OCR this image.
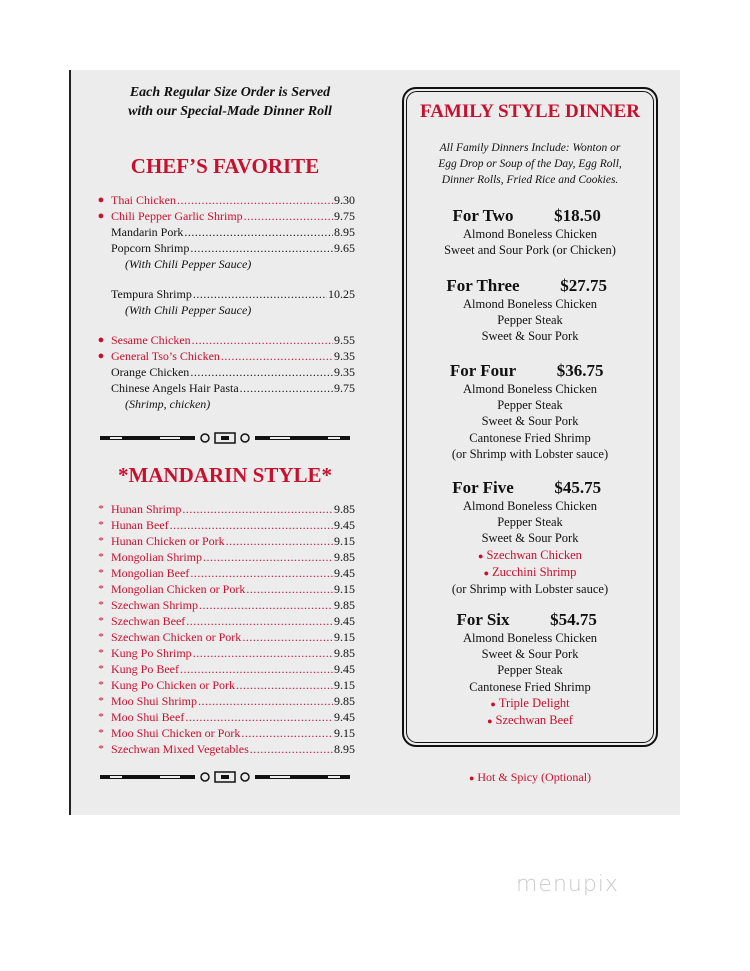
Each Regular Size Order is Served
with our Special-Made Dinner Roll
CHEF’S FAVORITE
● Thai Chicken .....	9.30
● Chili Pepper Garlic Shrimp .....	9.75
Mandarin Pork .....	8.95
Popcorn Shrimp .....	9.65
(With Chili Pepper Sauce)
Tempura Shrimp .....	10.25
(With Chili Pepper Sauce)
● Sesame Chicken .....	9.55
● General Tso’s Chicken .....	9.35
Orange Chicken .....	9.35
Chinese Angels Hair Pasta .....	9.75
(Shrimp, chicken)
*MANDARIN STYLE*
* Hunan Shrimp .....	9.85
* Hunan Beef .....	9.45
* Hunan Chicken or Pork .....	9.15
* Mongolian Shrimp .....	9.85
* Mongolian Beef .....	9.45
* Mongolian Chicken or Pork .....	9.15
* Szechwan Shrimp .....	9.85
* Szechwan Beef .....	9.45
* Szechwan Chicken or Pork .....	9.15
* Kung Po Shrimp .....	9.85
* Kung Po Beef .....	9.45
* Kung Po Chicken or Pork .....	9.15
* Moo Shui Shrimp .....	9.85
* Moo Shui Beef .....	9.45
* Moo Shui Chicken or Pork .....	9.15
* Szechwan Mixed Vegetables .....	8.95
FAMILY STYLE DINNER
All Family Dinners Include: Wonton or
Egg Drop or Soup of the Day, Egg Roll,
Dinner Rolls, Fried Rice and Cookies.
For Two	$18.50
Almond Boneless Chicken
Sweet and Sour Pork (or Chicken)
For Three	$27.75
Almond Boneless Chicken
Pepper Steak
Sweet & Sour Pork
For Four	$36.75
Almond Boneless Chicken
Pepper Steak
Sweet & Sour Pork
Cantonese Fried Shrimp
(or Shrimp with Lobster sauce)
For Five	$45.75
Almond Boneless Chicken
Pepper Steak
Sweet & Sour Pork
● Szechwan Chicken
● Zucchini Shrimp
(or Shrimp with Lobster sauce)
For Six	$54.75
Almond Boneless Chicken
Sweet & Sour Pork
Pepper Steak
Cantonese Fried Shrimp
● Triple Delight
● Szechwan Beef
● Hot & Spicy (Optional)
menupix
